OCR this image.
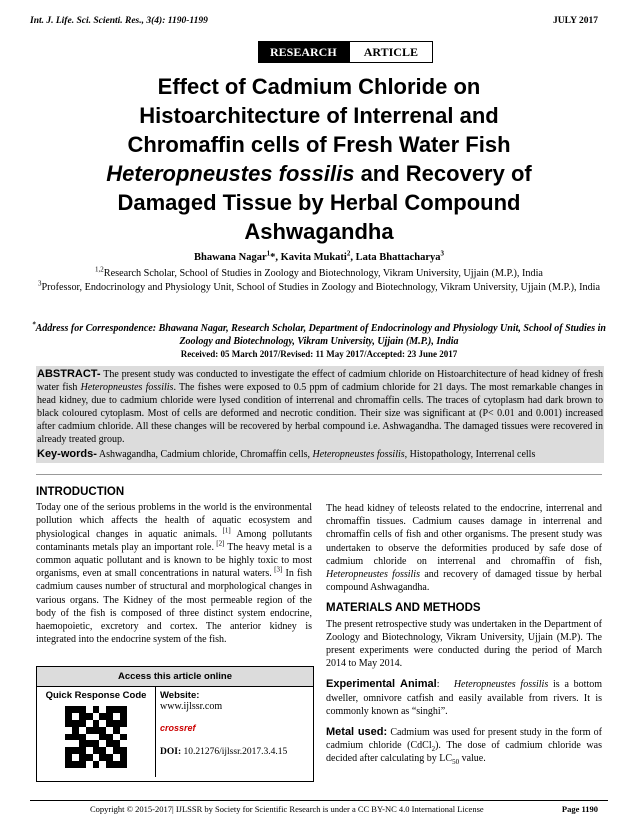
Int. J. Life. Sci. Scienti. Res., 3(4): 1190-1199	JULY 2017
RESEARCH	ARTICLE
Effect of Cadmium Chloride on
Histoarchitecture of Interrenal and
Chromaffin cells of Fresh Water Fish
Heteropneustes fossilis and Recovery of
Damaged Tissue by Herbal Compound
Ashwagandha
Bhawana Nagar$^1$*, Kavita Mukati$^2$, Lata Bhattacharya$^3$
$^{1,2}$Research Scholar, School of Studies in Zoology and Biotechnology, Vikram University, Ujjain (M.P.), India
$^3$Professor, Endocrinology and Physiology Unit, School of Studies in Zoology and Biotechnology, Vikram University, Ujjain (M.P.), India
*Address for Correspondence: Bhawana Nagar, Research Scholar, Department of Endocrinology and Physiology Unit, School of Studies in Zoology and Biotechnology, Vikram University, Ujjain (M.P.), India
Received: 05 March 2017/Revised: 11 May 2017/Accepted: 23 June 2017
ABSTRACT- The present study was conducted to investigate the effect of cadmium chloride on Histoarchitecture of head kidney of fresh water fish Heteropneustes fossilis. The fishes were exposed to 0.5 ppm of cadmium chloride for 21 days. The most remarkable changes in head kidney, due to cadmium chloride were lysed condition of interrenal and chromaffin cells. The traces of cytoplasm had dark brown to black coloured cytoplasm. Most of cells are deformed and necrotic condition. Their size was significant at (P< 0.01 and 0.001) increased after cadmium chloride. All these changes will be recovered by herbal compound i.e. Ashwagandha. The damaged tissues were recovered in already treated group.
Key-words- Ashwagandha, Cadmium chloride, Chromaffin cells, Heteropneustes fossilis, Histopathology, Interrenal cells
INTRODUCTION

Today one of the serious problems in the world is the environmental pollution which affects the health of aquatic ecosystem and physiological changes in aquatic animals. [1] Among pollutants contaminants metals play an important role. [2] The heavy metal is a common aquatic pollutant and is known to be highly toxic to most organisms, even at small concentrations in natural waters. [3] In fish cadmium causes number of structural and morphological changes in various organs. The Kidney of the most permeable region of the body of the fish is composed of three distinct system endocrine, haemopoietic, excretory and cortex. The anterior kidney is integrated into the endocrine system of the fish.

Access this article online
Quick Response Code	Website:
www.ijlssr.com
crossref
DOI: 10.21276/ijlssr.2017.3.4.15

The head kidney of teleosts related to the endocrine, interrenal and chromaffin tissues. Cadmium causes damage in interrenal and chromaffin cells of fish and other organisms. The present study was undertaken to observe the deformities produced by safe dose of cadmium chloride on interrenal and chromaffin of fish, Heteropneustes fossilis and recovery of damaged tissue by herbal compound Ashwagandha.

MATERIALS AND METHODS

The present retrospective study was undertaken in the Department of Zoology and Biotechnology, Vikram University, Ujjain (M.P). The present experiments were conducted during the period of March 2014 to May 2014.

Experimental Animal: Heteropneustes fossilis is a bottom dweller, omnivore catfish and easily available from rivers. It is commonly known as “singhi”.

Metal used: Cadmium was used for present study in the form of cadmium chloride (CdCl$_2$). The dose of cadmium chloride was decided after calculating by $LC_{50}$ value.

Copyright © 2015-2017| IJLSSR by Society for Scientific Research is under a CC BY-NC 4.0 International License	Page 1190
